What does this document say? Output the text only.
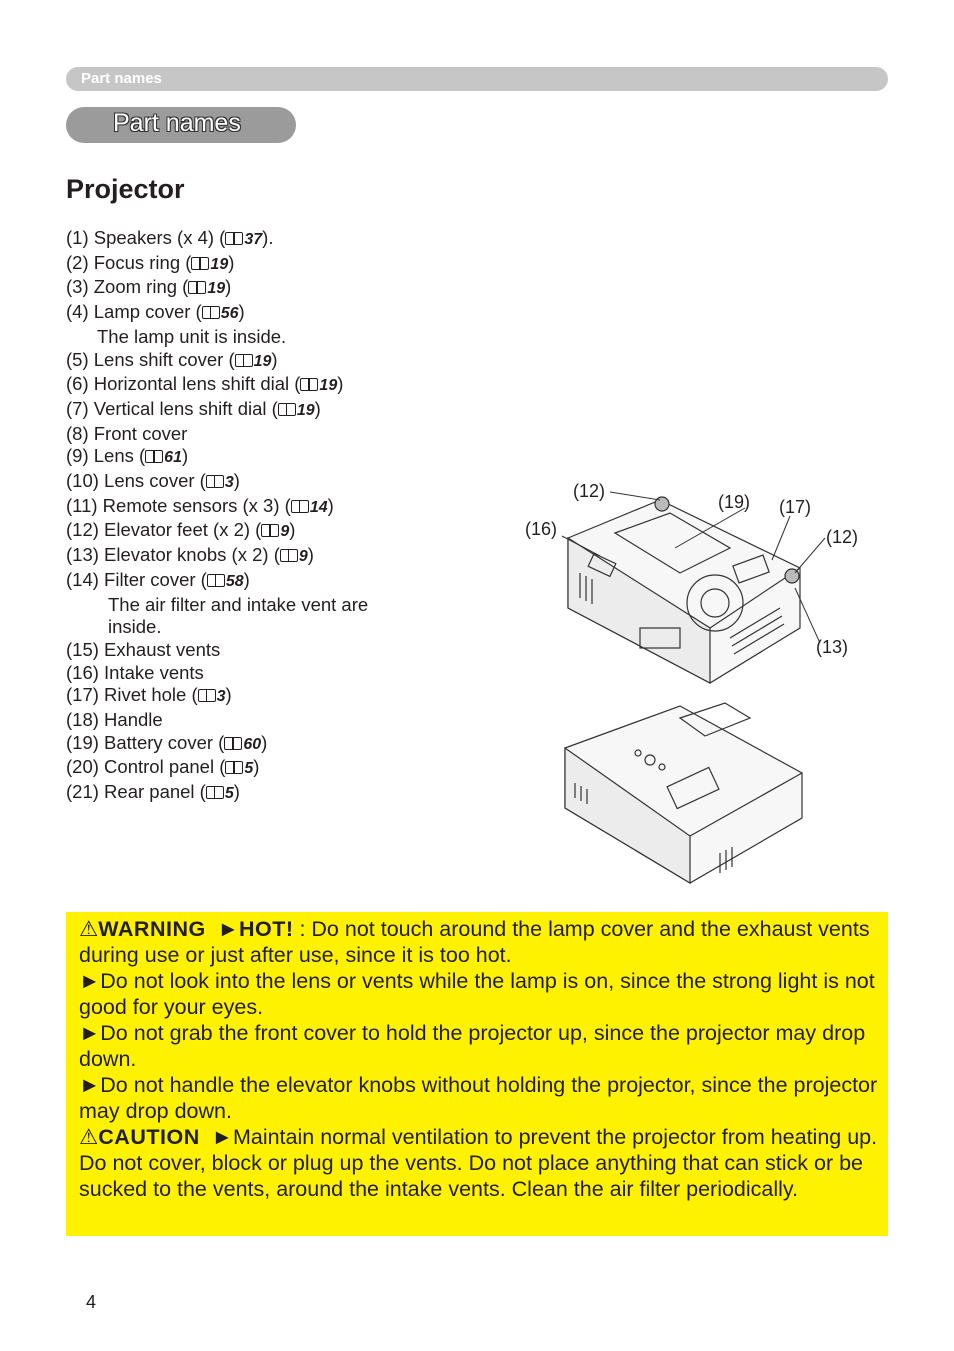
Part names
Part names
Projector
(1) Speakers (x 4) ( 37).
(2) Focus ring ( 19)
(3) Zoom ring ( 19)
(4) Lamp cover ( 56)
The lamp unit is inside.
(5) Lens shift cover ( 19)
(6) Horizontal lens shift dial ( 19)
(7) Vertical lens shift dial ( 19)
(8) Front cover
(9) Lens ( 61)
(10) Lens cover ( 3)
(11) Remote sensors (x 3) ( 14)
(12) Elevator feet (x 2) ( 9)
(13) Elevator knobs (x 2) ( 9)
(14) Filter cover ( 58)
The air filter and intake vent are
inside.
(15) Exhaust vents
(16) Intake vents
(17) Rivet hole ( 3)
(18) Handle
(19) Battery cover ( 60)
(20) Control panel ( 5)
(21) Rear panel ( 5)
(12)
(19) (17)
(16)	(12)
(13)
⚠WARNING ►HOT! : Do not touch around the lamp cover and the exhaust vents during use or just after use, since it is too hot.
►Do not look into the lens or vents while the lamp is on, since the strong light is not good for your eyes.
►Do not grab the front cover to hold the projector up, since the projector may drop down.
►Do not handle the elevator knobs without holding the projector, since the projector may drop down.
⚠CAUTION ►Maintain normal ventilation to prevent the projector from heating up. Do not cover, block or plug up the vents. Do not place anything that can stick or be sucked to the vents, around the intake vents. Clean the air filter periodically.
4
